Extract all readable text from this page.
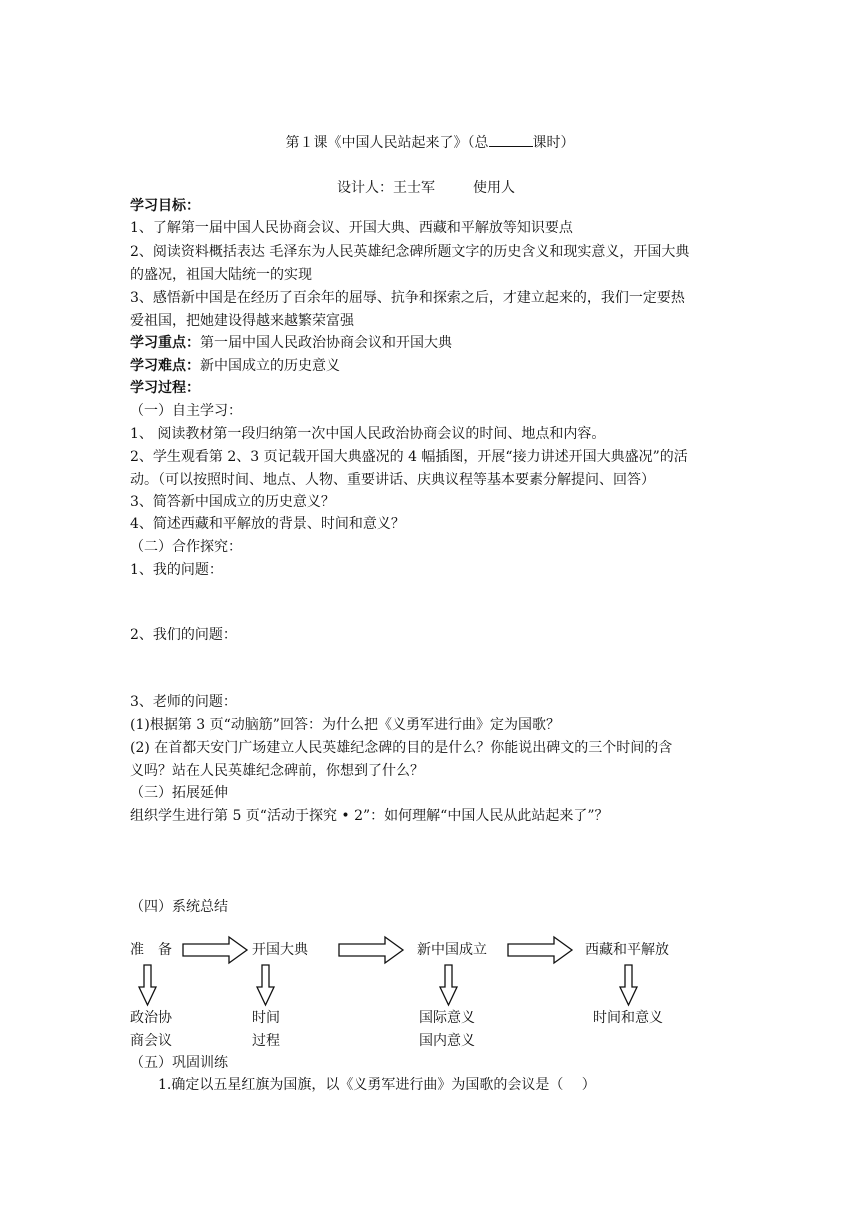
第１课《中国人民站起来了》（总	课时）
设计人：王士军	使用人
学习目标：
1、了解第一届中国人民协商会议、开国大典、西藏和平解放等知识要点
2、阅读资料概括表达 毛泽东为人民英雄纪念碑所题文字的历史含义和现实意义，开国大典
的盛况，祖国大陆统一的实现
3、感悟新中国是在经历了百余年的屈辱、抗争和探索之后，才建立起来的，我们一定要热
爱祖国，把她建设得越来越繁荣富强
学习重点：第一届中国人民政治协商会议和开国大典
学习难点：新中国成立的历史意义
学习过程：
（一）自主学习：
1、 阅读教材第一段归纳第一次中国人民政治协商会议的时间、地点和内容。
2、学生观看第 2、3 页记载开国大典盛况的 4 幅插图，开展“接力讲述开国大典盛况”的活
动。（可以按照时间、地点、人物、重要讲话、庆典议程等基本要素分解提问、回答）
3、简答新中国成立的历史意义？
4、简述西藏和平解放的背景、时间和意义？
（二）合作探究：
1、我的问题：
2、我们的问题：
3、老师的问题：
(1)根据第 3 页“动脑筋”回答：为什么把《义勇军进行曲》定为国歌？
(2) 在首都天安门广场建立人民英雄纪念碑的目的是什么？你能说出碑文的三个时间的含
义吗？站在人民英雄纪念碑前，你想到了什么？
（三）拓展延伸
组织学生进行第 5 页“活动于探究 • 2”：如何理解“中国人民从此站起来了”？
（四）系统总结
准　备	开国大典	新中国成立	西藏和平解放
政治协
商会议
时间
过程
国际意义
国内意义
时间和意义
（五）巩固训练
1.确定以五星红旗为国旗，以《义勇军进行曲》为国歌的会议是（　 ）
